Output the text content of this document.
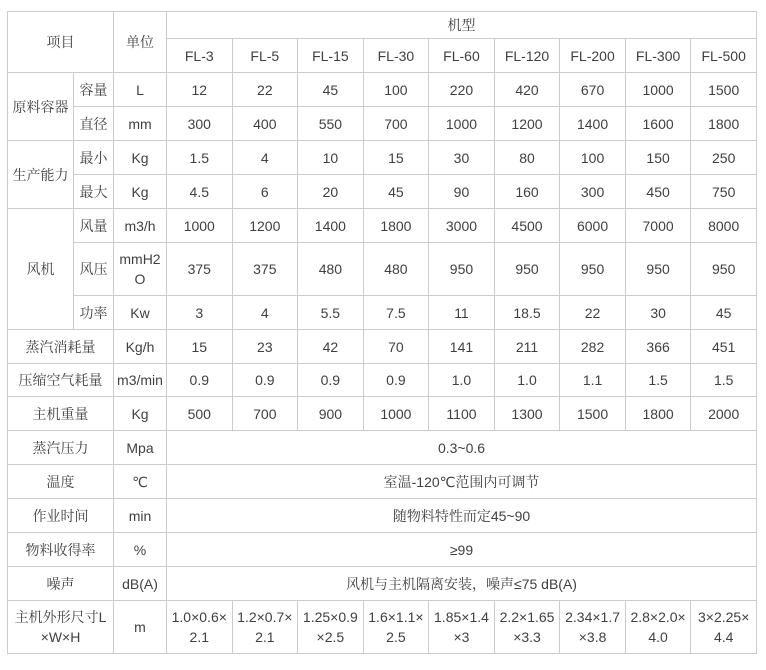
项目		单位	机型								
			FL-3	FL-5	FL-15	FL-30	FL-60	FL-120	FL-200	FL-300	FL-500
原料容器	容量	L	12	22	45	100	220	420	670	1000	1500
	直径	mm	300	400	550	700	1000	1200	1400	1600	1800
生产能力	最小	Kg	1.5	4	10	15	30	80	100	150	250
	最大	Kg	4.5	6	20	45	90	160	300	450	750
风机	风量	m3/h	1000	1200	1400	1800	3000	4500	6000	7000	8000
	风压	mmH2O	375	375	480	480	950	950	950	950	950
	功率	Kw	3	4	5.5	7.5	11	18.5	22	30	45
蒸汽消耗量		Kg/h	15	23	42	70	141	211	282	366	451
压缩空气耗量		m3/min	0.9	0.9	0.9	0.9	1.0	1.0	1.1	1.5	1.5
主机重量		Kg	500	700	900	1000	1100	1300	1500	1800	2000
蒸汽压力		Mpa	0.3~0.6								
温度		℃	室温-120℃范围内可调节								
作业时间		min	随物料特性而定45~90								
物料收得率		%	≥99								
噪声		dB(A)	风机与主机隔离安装，噪声≤75 dB(A)								
主机外形尺寸L×W×H		m	1.0×0.6×2.1	1.2×0.7×2.1	1.25×0.9×2.5	1.6×1.1×2.5	1.85×1.4×3	2.2×1.65×3.3	2.34×1.7×3.8	2.8×2.0×4.0	3×2.25×4.4
